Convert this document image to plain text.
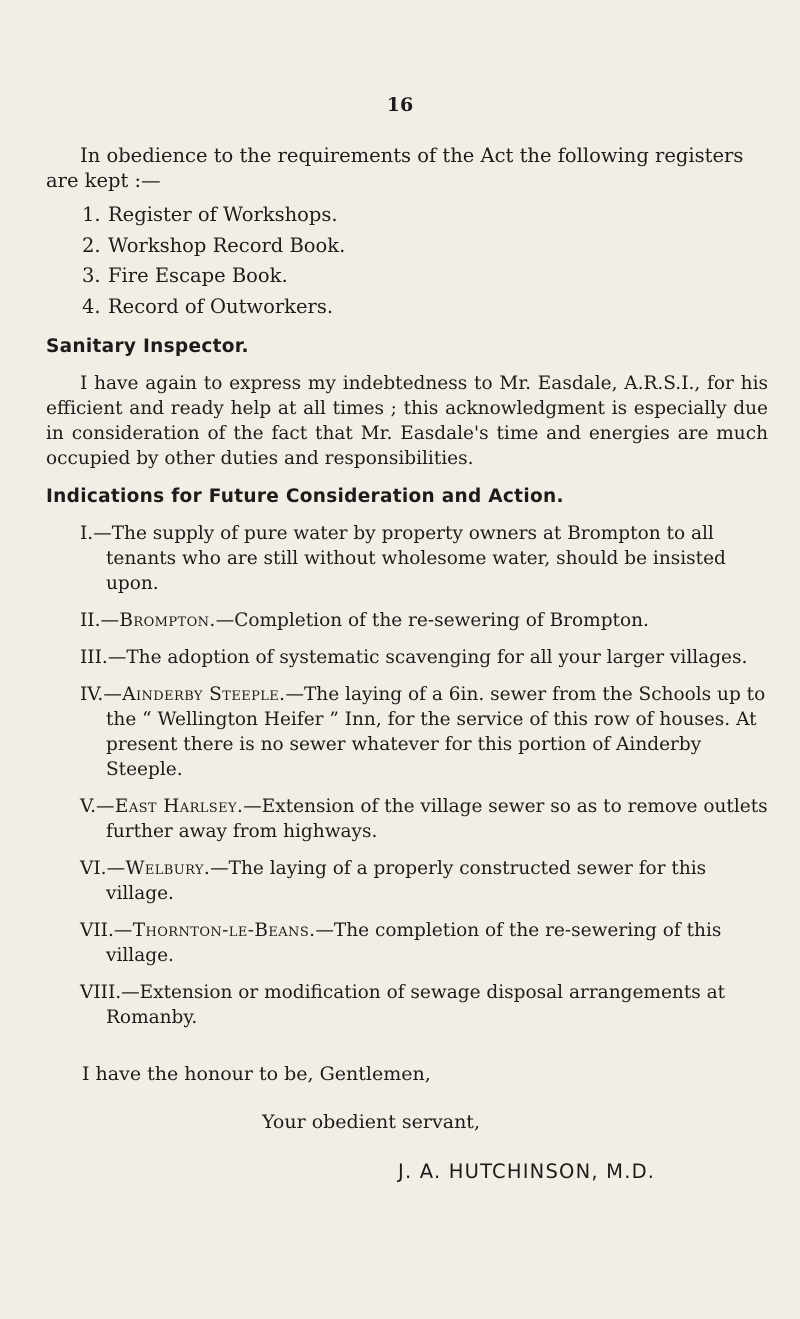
16

In obedience to the requirements of the Act the following registers are kept :—

1. Register of Workshops.
2. Workshop Record Book.
3. Fire Escape Book.
4. Record of Outworkers.
Sanitary Inspector.

I have again to express my indebtedness to Mr. Easdale, A.R.S.I., for his efficient and ready help at all times ; this acknowledgment is especially due in consideration of the fact that Mr. Easdale's time and energies are much occupied by other duties and responsibilities.

Indications for Future Consideration and Action.
I.—The supply of pure water by property owners at Brompton to all tenants who are still without wholesome water, should be insisted upon.
II.—Brompton.—Completion of the re-sewering of Brompton.
III.—The adoption of systematic scavenging for all your larger villages.
IV.—Ainderby Steeple.—The laying of a 6in. sewer from the Schools up to the “ Wellington Heifer ” Inn, for the service of this row of houses. At present there is no sewer whatever for this portion of Ainderby Steeple.
V.—East Harlsey.—Extension of the village sewer so as to remove outlets further away from highways.
VI.—Welbury.—The laying of a properly constructed sewer for this village.
VII.—Thornton-le-Beans.—The completion of the re-sewering of this village.
VIII.—Extension or modification of sewage disposal arrangements at Romanby.

I have the honour to be, Gentlemen,

Your obedient servant,

J. A. HUTCHINSON, M.D.
